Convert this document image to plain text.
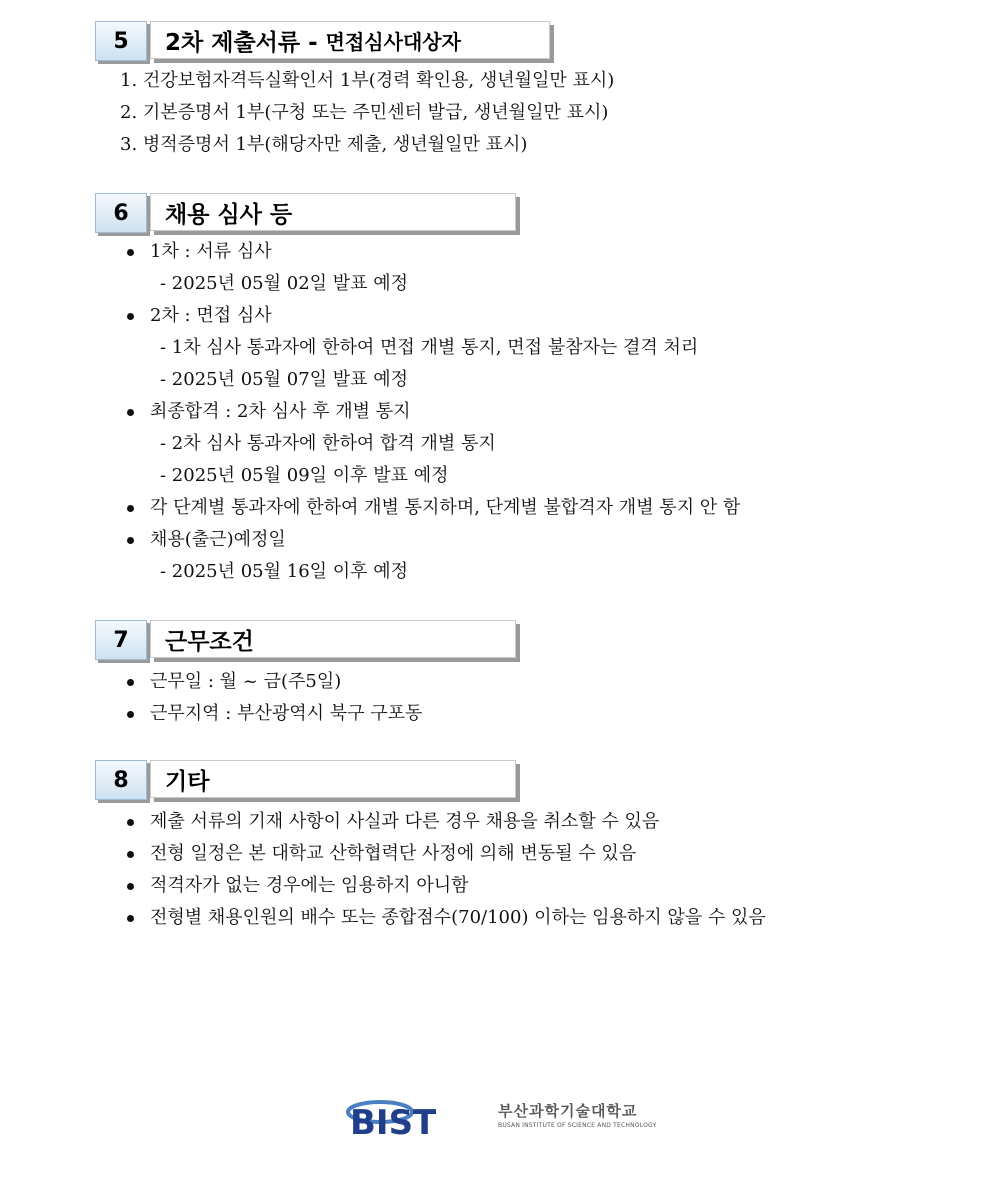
5	2차 제출서류 - 면접심사대상자
1. 건강보험자격득실확인서 1부(경력 확인용, 생년월일만 표시)
2. 기본증명서 1부(구청 또는 주민센터 발급, 생년월일만 표시)
3. 병적증명서 1부(해당자만 제출, 생년월일만 표시)
6	채용 심사 등
1차 : 서류 심사
- 2025년 05월 02일 발표 예정
2차 : 면접 심사
- 1차 심사 통과자에 한하여 면접 개별 통지, 면접 불참자는 결격 처리
- 2025년 05월 07일 발표 예정
최종합격 : 2차 심사 후 개별 통지
- 2차 심사 통과자에 한하여 합격 개별 통지
- 2025년 05월 09일 이후 발표 예정
각 단계별 통과자에 한하여 개별 통지하며, 단계별 불합격자 개별 통지 안 함
채용(출근)예정일
- 2025년 05월 16일 이후 예정
7	근무조건
근무일 : 월 ~ 금(주5일)
근무지역 : 부산광역시 북구 구포동
8	기타
제출 서류의 기재 사항이 사실과 다른 경우 채용을 취소할 수 있음
전형 일정은 본 대학교 산학협력단 사정에 의해 변동될 수 있음
적격자가 없는 경우에는 임용하지 아니함
전형별 채용인원의 배수 또는 종합점수(70/100) 이하는 임용하지 않을 수 있음
BIST	부산과학기술대학교
BUSAN INSTITUTE OF SCIENCE AND TECHNOLOGY
